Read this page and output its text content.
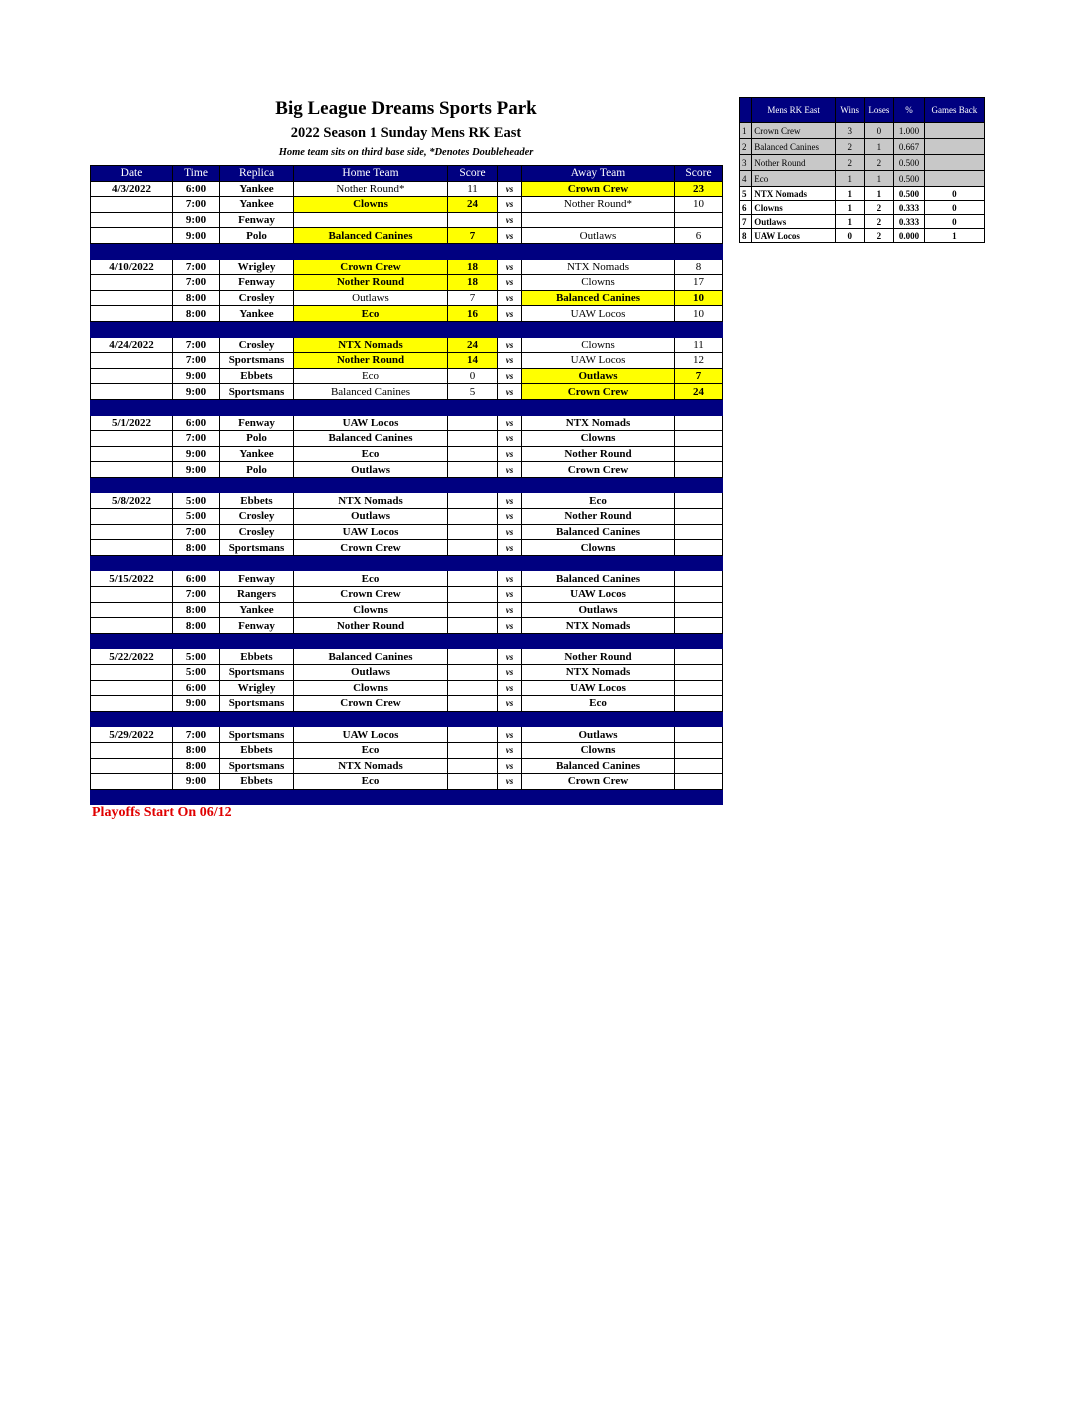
Big League Dreams Sports Park
2022 Season 1 Sunday Mens RK East
Home team sits on third base side, *Denotes Doubleheader
Date	Time	Replica	Home Team	Score		Away Team	Score
4/3/2022	6:00	Yankee	Nother Round*	11	vs	Crown Crew	23
	7:00	Yankee	Clowns	24	vs	Nother Round*	10
	9:00	Fenway			vs		
	9:00	Polo	Balanced Canines	7	vs	Outlaws	6

4/10/2022	7:00	Wrigley	Crown Crew	18	vs	NTX Nomads	8
	7:00	Fenway	Nother Round	18	vs	Clowns	17
	8:00	Crosley	Outlaws	7	vs	Balanced Canines	10
	8:00	Yankee	Eco	16	vs	UAW Locos	10

4/24/2022	7:00	Crosley	NTX Nomads	24	vs	Clowns	11
	7:00	Sportsmans	Nother Round	14	vs	UAW Locos	12
	9:00	Ebbets	Eco	0	vs	Outlaws	7
	9:00	Sportsmans	Balanced Canines	5	vs	Crown Crew	24

5/1/2022	6:00	Fenway	UAW Locos		vs	NTX Nomads	
	7:00	Polo	Balanced Canines		vs	Clowns	
	9:00	Yankee	Eco		vs	Nother Round	
	9:00	Polo	Outlaws		vs	Crown Crew	

5/8/2022	5:00	Ebbets	NTX Nomads		vs	Eco	
	5:00	Crosley	Outlaws		vs	Nother Round	
	7:00	Crosley	UAW Locos		vs	Balanced Canines	
	8:00	Sportsmans	Crown Crew		vs	Clowns	

5/15/2022	6:00	Fenway	Eco		vs	Balanced Canines	
	7:00	Rangers	Crown Crew		vs	UAW Locos	
	8:00	Yankee	Clowns		vs	Outlaws	
	8:00	Fenway	Nother Round		vs	NTX Nomads	

5/22/2022	5:00	Ebbets	Balanced Canines		vs	Nother Round	
	5:00	Sportsmans	Outlaws		vs	NTX Nomads	
	6:00	Wrigley	Clowns		vs	UAW Locos	
	9:00	Sportsmans	Crown Crew		vs	Eco	

5/29/2022	7:00	Sportsmans	UAW Locos		vs	Outlaws	
	8:00	Ebbets	Eco		vs	Clowns	
	8:00	Sportsmans	NTX Nomads		vs	Balanced Canines	
	9:00	Ebbets	Eco		vs	Crown Crew	

	Mens RK East	Wins	Loses	%	Games Back
1	Crown Crew	3	0	1.000	
2	Balanced Canines	2	1	0.667	
3	Nother Round	2	2	0.500	
4	Eco	1	1	0.500	
5	NTX Nomads	1	1	0.500	0
6	Clowns	1	2	0.333	0
7	Outlaws	1	2	0.333	0
8	UAW Locos	0	2	0.000	1
Playoffs Start On 06/12
